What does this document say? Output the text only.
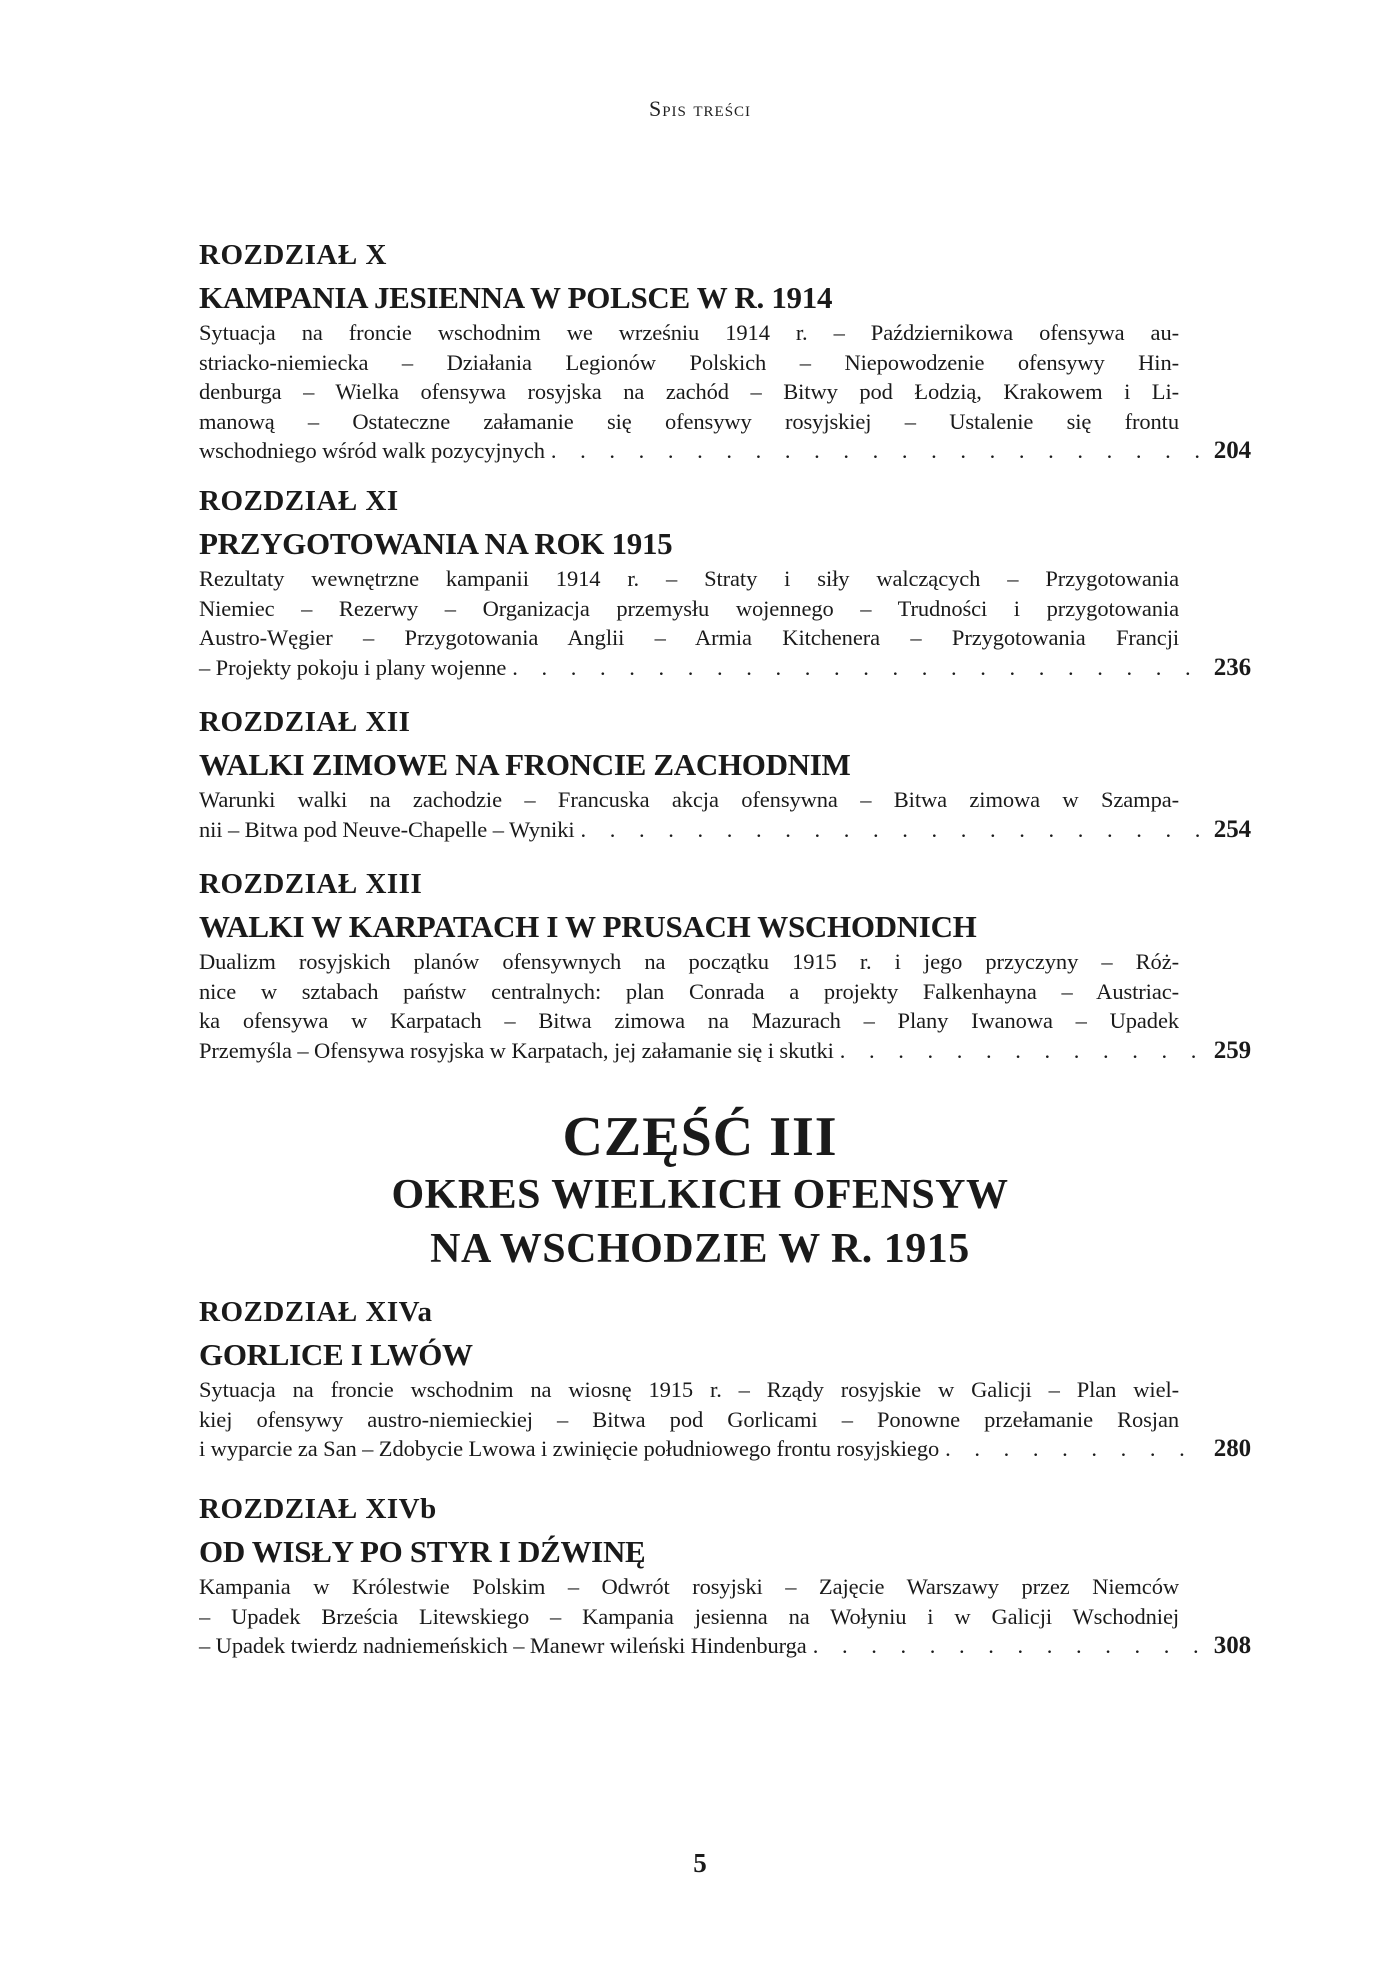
Spis treści
ROZDZIAŁ X
KAMPANIA JESIENNA W POLSCE W R. 1914
Sytuacja na froncie wschodnim we wrześniu 1914 r. – Październikowa ofensywa au-
striacko-niemiecka – Działania Legionów Polskich – Niepowodzenie ofensywy Hin-
denburga – Wielka ofensywa rosyjska na zachód – Bitwy pod Łodzią, Krakowem i Li-
manową – Ostateczne załamanie się ofensywy rosyjskiej – Ustalenie się frontu
wschodniego wśród walk pozycyjnych . . .	204
ROZDZIAŁ XI
PRZYGOTOWANIA NA ROK 1915
Rezultaty wewnętrzne kampanii 1914 r. – Straty i siły walczących – Przygotowania
Niemiec – Rezerwy – Organizacja przemysłu wojennego – Trudności i przygotowania
Austro-Węgier – Przygotowania Anglii – Armia Kitchenera – Przygotowania Francji
– Projekty pokoju i plany wojenne . . .	236
ROZDZIAŁ XII
WALKI ZIMOWE NA FRONCIE ZACHODNIM
Warunki walki na zachodzie – Francuska akcja ofensywna – Bitwa zimowa w Szampa-
nii – Bitwa pod Neuve-Chapelle – Wyniki . . .	254
ROZDZIAŁ XIII
WALKI W KARPATACH I W PRUSACH WSCHODNICH
Dualizm rosyjskich planów ofensywnych na początku 1915 r. i jego przyczyny – Róż-
nice w sztabach państw centralnych: plan Conrada a projekty Falkenhayna – Austriac-
ka ofensywa w Karpatach – Bitwa zimowa na Mazurach – Plany Iwanowa – Upadek
Przemyśla – Ofensywa rosyjska w Karpatach, jej załamanie się i skutki . . .	259
CZĘŚĆ III
OKRES WIELKICH OFENSYW
NA WSCHODZIE W R. 1915
ROZDZIAŁ XIVa
GORLICE I LWÓW
Sytuacja na froncie wschodnim na wiosnę 1915 r. – Rządy rosyjskie w Galicji – Plan wiel-
kiej ofensywy austro-niemieckiej – Bitwa pod Gorlicami – Ponowne przełamanie Rosjan
i wyparcie za San – Zdobycie Lwowa i zwinięcie południowego frontu rosyjskiego . . .	280
ROZDZIAŁ XIVb
OD WISŁY PO STYR I DŹWINĘ
Kampania w Królestwie Polskim – Odwrót rosyjski – Zajęcie Warszawy przez Niemców
– Upadek Brześcia Litewskiego – Kampania jesienna na Wołyniu i w Galicji Wschodniej
– Upadek twierdz nadniemeńskich – Manewr wileński Hindenburga . . .	308
5
